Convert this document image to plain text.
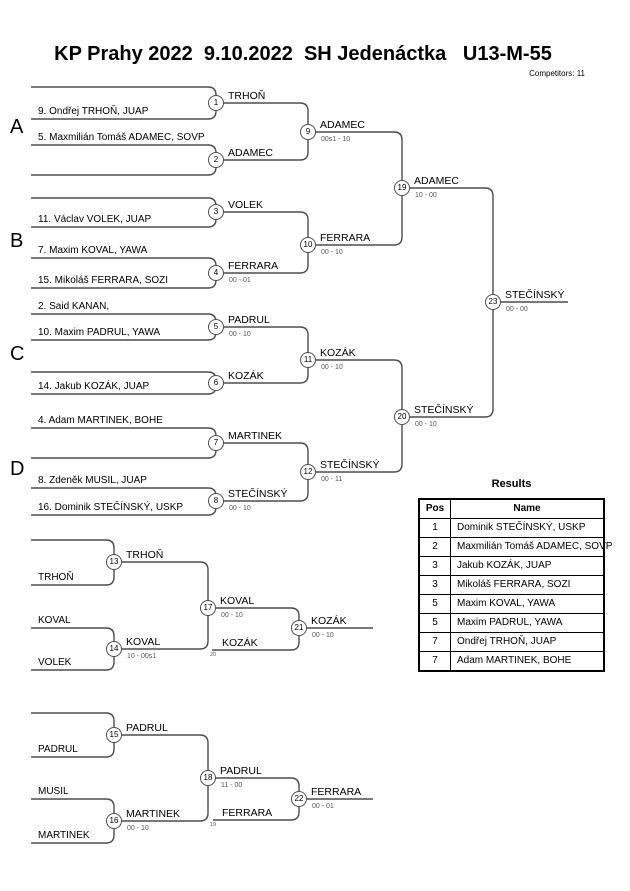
KP Prahy 2022  9.10.2022  SH Jedenáctka   U13-M-55
Competitors: 11
A
B
C
D
9. Ondřej TRHOŇ, JUAP
5. Maxmilián Tomáš ADAMEC, SOVP
11. Václav VOLEK, JUAP
7. Maxim KOVAL, YAWA
15. Mikoláš FERRARA, SOZI
2. Said KANAN,
10. Maxim PADRUL, YAWA
14. Jakub KOZÁK, JUAP
4. Adam MARTINEK, BOHE
8. Zdeněk MUSIL, JUAP
16. Dominik STEČÍNSKÝ, USKP
TRHOŇ
KOVAL
VOLEK
PADRUL
MUSIL
MARTINEK
1
2
3
4
5
6
7
8
9
10
11
12
19
20
23
13
14
15
16
17
18
21
22
TRHOŇ
ADAMEC
VOLEK
FERRARA
PADRUL
KOZÁK
MARTINEK
STEČÍNSKÝ
ADAMEC
FERRARA
KOZÁK
STEČÍNSKÝ
ADAMEC
STEČÍNSKÝ
STEČÍNSKÝ
TRHOŇ
KOVAL
PADRUL
MARTINEK
KOVAL
PADRUL
KOZÁK
FERRARA
KOZÁK
20
FERRARA
19
00 - 01
00 - 10
00 - 10
00s1 - 10
00 - 10
00 - 10
00 - 11
10 - 00
00 - 10
00 - 00
10 - 00s1
00 - 10
00 - 10
11 - 00
00 - 10
00 - 01
Results
Pos	Name
1	Dominik STEČÍNSKÝ, USKP
2	Maxmilián Tomáš ADAMEC, SOVP
3	Jakub KOZÁK, JUAP
3	Mikoláš FERRARA, SOZI
5	Maxim KOVAL, YAWA
5	Maxim PADRUL, YAWA
7	Ondřej TRHOŇ, JUAP
7	Adam MARTINEK, BOHE
